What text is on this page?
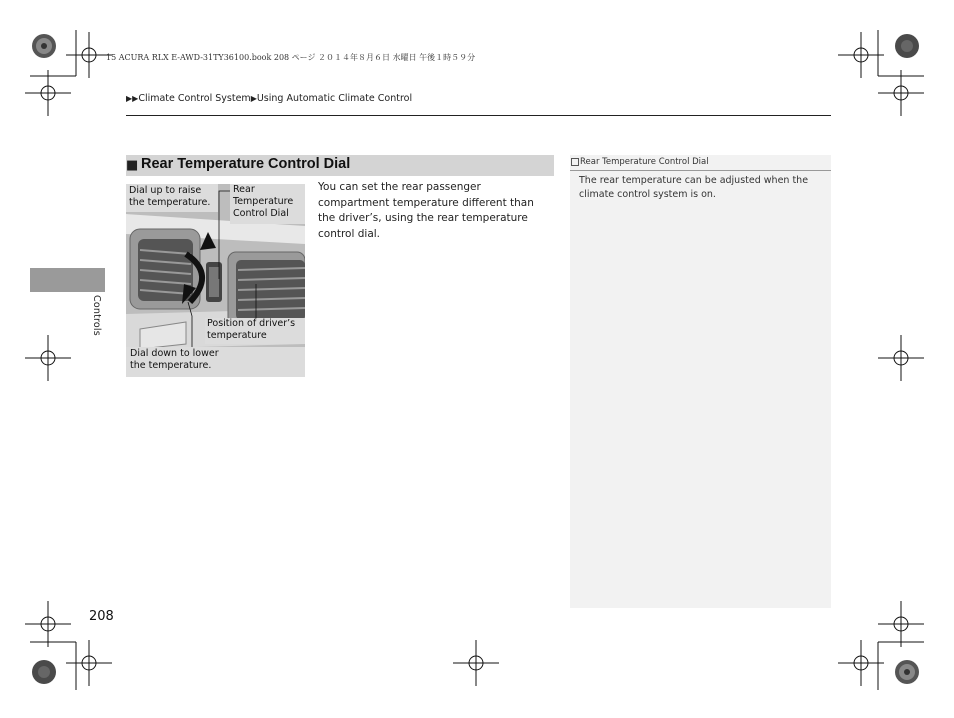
15 ACURA RLX E-AWD-31TY36100.book 208 ページ ２０１４年８月６日 水曜日 午後１時５９分
▶▶Climate Control System▶Using Automatic Climate Control
Controls
■ Rear Temperature Control Dial
You can set the rear passenger compartment temperature different than the driver’s, using the rear temperature control dial.
Dial up to raise
the temperature.
Rear
Temperature
Control Dial
Position of driver’s
temperature
Dial down to lower
the temperature.
Rear Temperature Control Dial
The rear temperature can be adjusted when the climate control system is on.
208
